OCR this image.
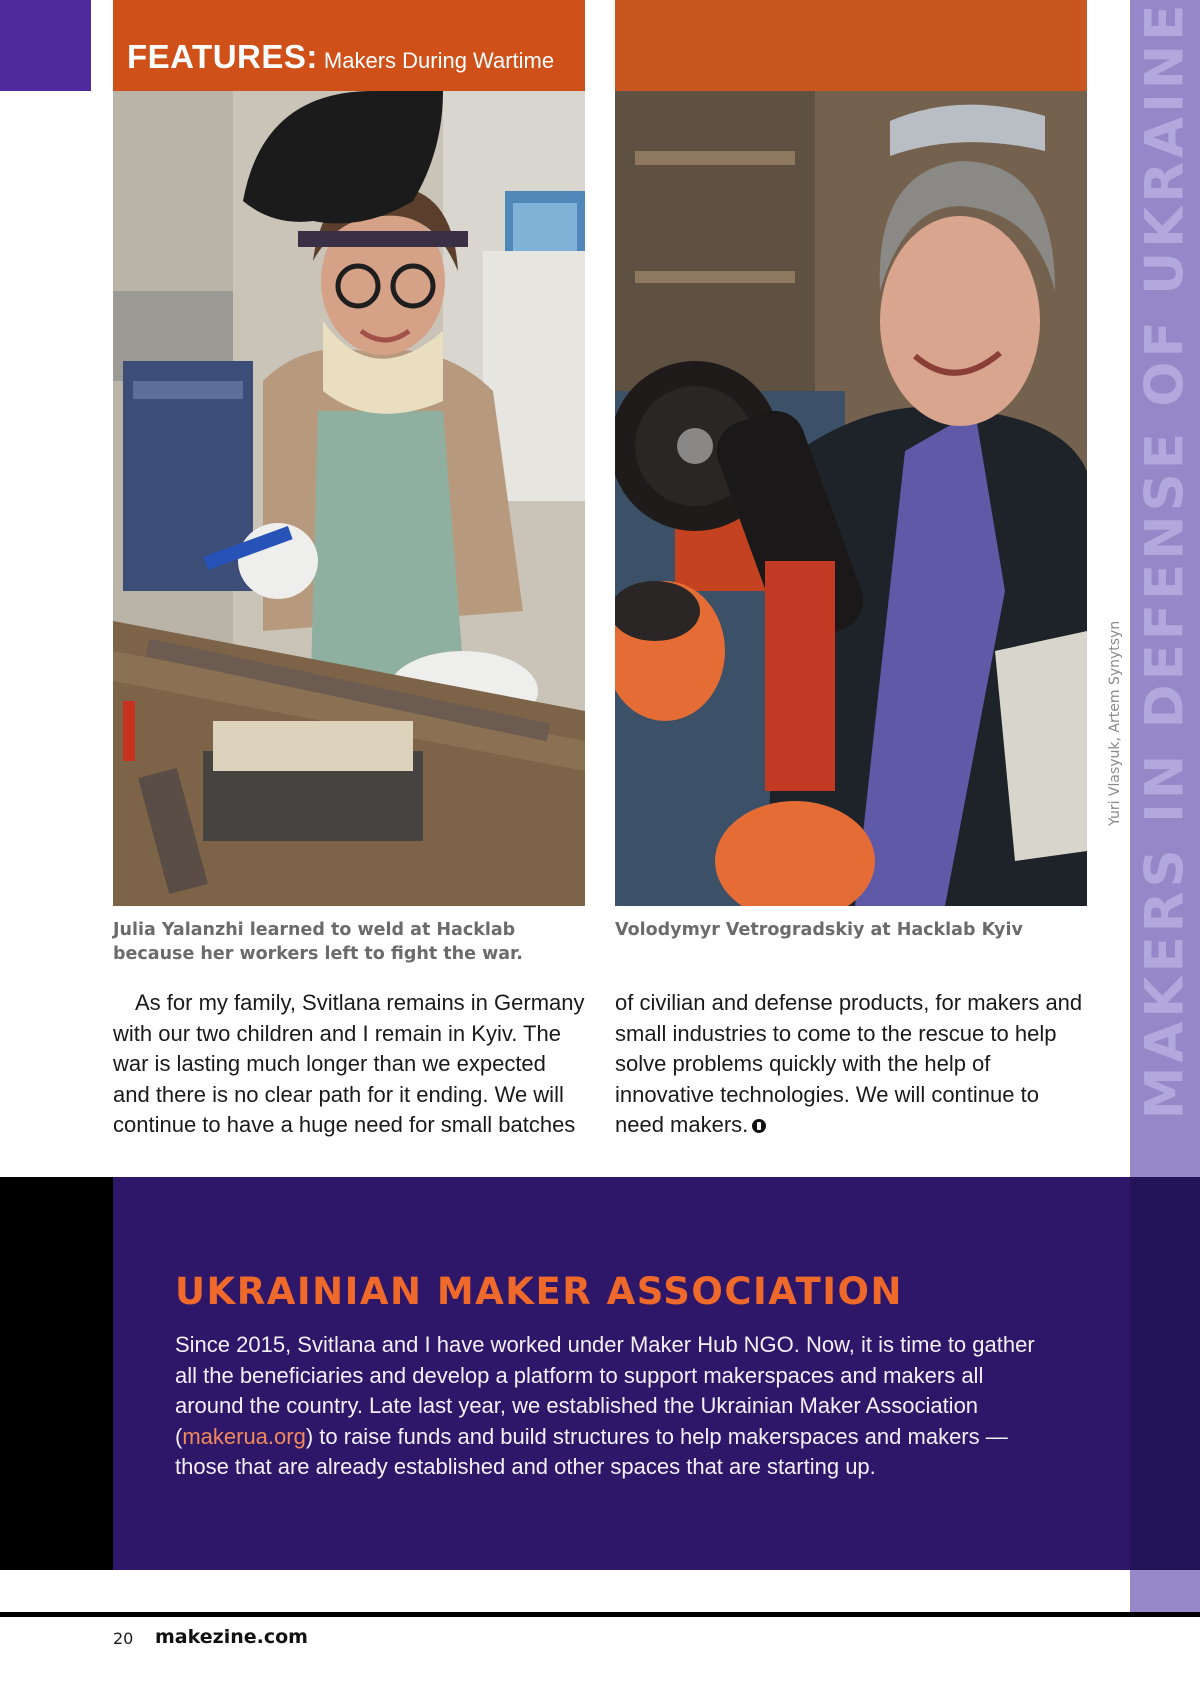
MAKERS IN DEFENSE OF UKRAINE
FEATURES: Makers During Wartime
Yuri Vlasyuk, Artem Synytsyn
Julia Yalanzhi learned to weld at Hacklab because her workers left to fight the war.
Volodymyr Vetrogradskiy at Hacklab Kyiv
As for my family, Svitlana remains in Germany with our two children and I remain in Kyiv. The war is lasting much longer than we expected and there is no clear path for it ending. We will continue to have a huge need for small batches
of civilian and defense products, for makers and small industries to come to the rescue to help solve problems quickly with the help of innovative technologies. We will continue to need makers.
UKRAINIAN MAKER ASSOCIATION
Since 2015, Svitlana and I have worked under Maker Hub NGO. Now, it is time to gather all the beneficiaries and develop a platform to support makerspaces and makers all around the country. Late last year, we established the Ukrainian Maker Association (makerua.org) to raise funds and build structures to help makerspaces and makers — those that are already established and other spaces that are starting up.
20 makezine.com
